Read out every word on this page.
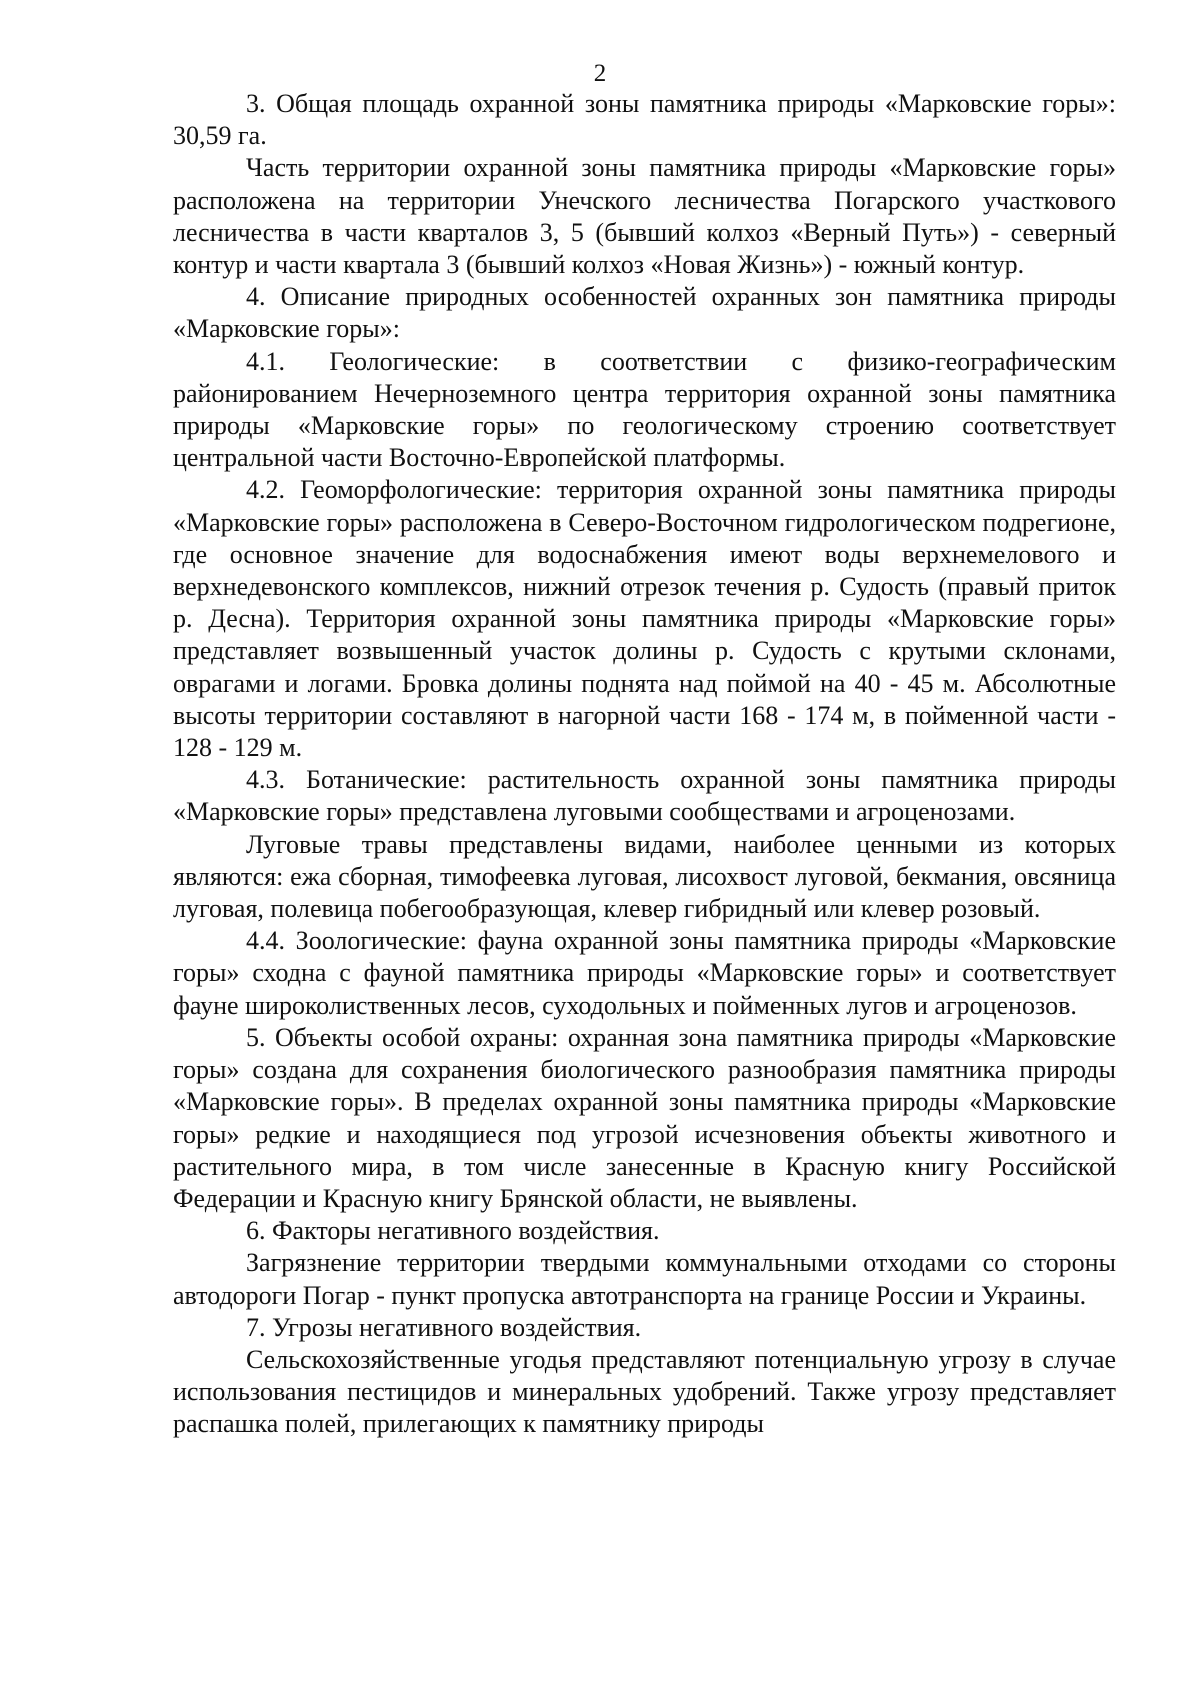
2

3. Общая площадь охранной зоны памятника природы «Марковские горы»: 30,59 га.

Часть территории охранной зоны памятника природы «Марковские горы» расположена на территории Унечского лесничества Погарского участкового лесничества в части кварталов 3, 5 (бывший колхоз «Верный Путь») - северный контур и части квартала 3 (бывший колхоз «Новая Жизнь») - южный контур.

4. Описание природных особенностей охранных зон памятника природы «Марковские горы»:

4.1. Геологические: в соответствии с физико-географическим районированием Нечерноземного центра территория охранной зоны памятника природы «Марковские горы» по геологическому строению соответствует центральной части Восточно-Европейской платформы.

4.2. Геоморфологические: территория охранной зоны памятника природы «Марковские горы» расположена в Северо-Восточном гидрологическом подрегионе, где основное значение для водоснабжения имеют воды верхнемелового и верхнедевонского комплексов, нижний отрезок течения р. Судость (правый приток р. Десна). Территория охранной зоны памятника природы «Марковские горы» представляет возвышенный участок долины р. Судость с крутыми склонами, оврагами и логами. Бровка долины поднята над поймой на 40 - 45 м. Абсолютные высоты территории составляют в нагорной части 168 - 174 м, в пойменной части - 128 - 129 м.

4.3. Ботанические: растительность охранной зоны памятника природы «Марковские горы» представлена луговыми сообществами и агроценозами.

Луговые травы представлены видами, наиболее ценными из которых являются: ежа сборная, тимофеевка луговая, лисохвост луговой, бекмания, овсяница луговая, полевица побегообразующая, клевер гибридный или клевер розовый.

4.4. Зоологические: фауна охранной зоны памятника природы «Марковские горы» сходна с фауной памятника природы «Марковские горы» и соответствует фауне широколиственных лесов, суходольных и пойменных лугов и агроценозов.

5. Объекты особой охраны: охранная зона памятника природы «Марковские горы» создана для сохранения биологического разнообразия памятника природы «Марковские горы». В пределах охранной зоны памятника природы «Марковские горы» редкие и находящиеся под угрозой исчезновения объекты животного и растительного мира, в том числе занесенные в Красную книгу Российской Федерации и Красную книгу Брянской области, не выявлены.

6. Факторы негативного воздействия.

Загрязнение территории твердыми коммунальными отходами со стороны автодороги Погар - пункт пропуска автотранспорта на границе России и Украины.

7. Угрозы негативного воздействия.

Сельскохозяйственные угодья представляют потенциальную угрозу в случае использования пестицидов и минеральных удобрений. Также угрозу представляет распашка полей, прилегающих к памятнику природы
